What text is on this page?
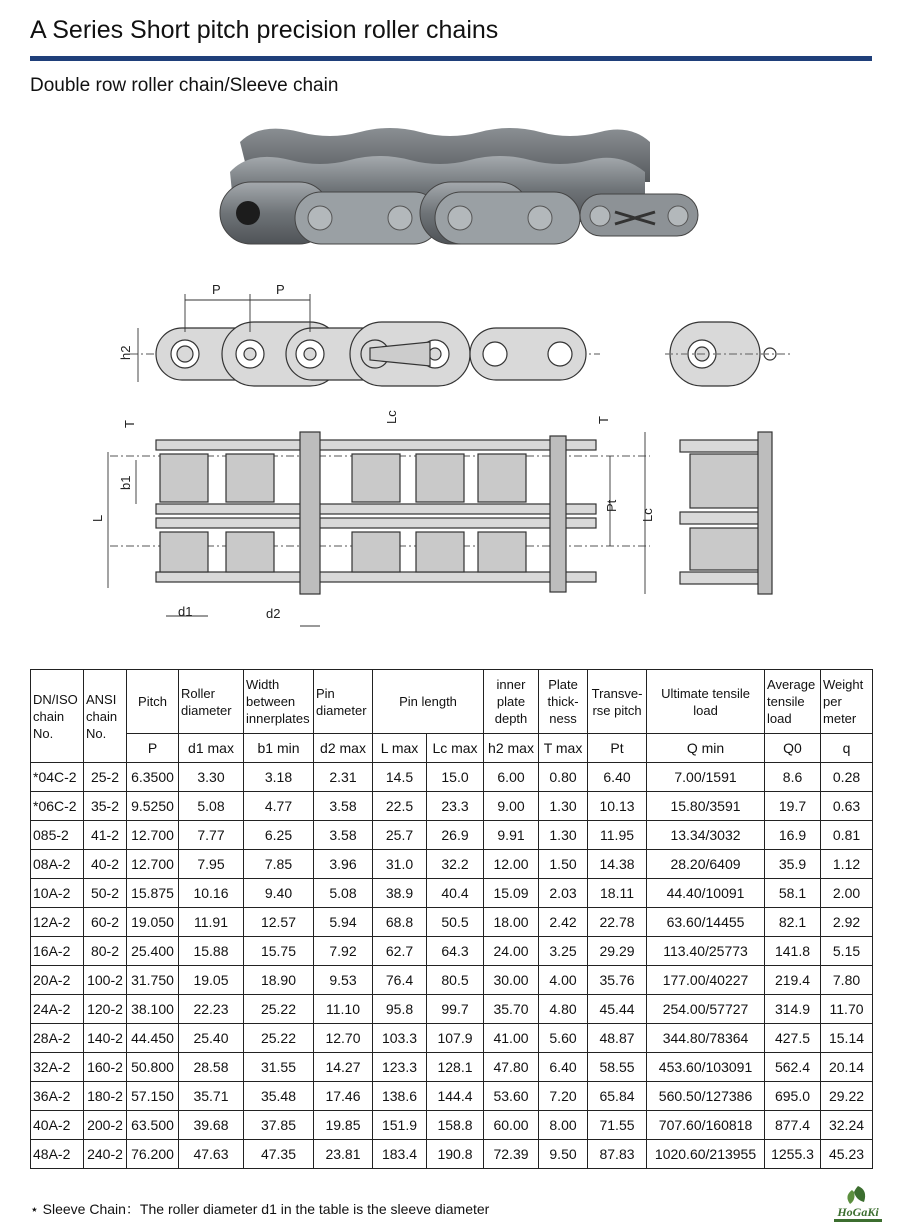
A Series Short pitch precision roller chains
Double row roller chain/Sleeve chain
P	P
h2
T
Lc	T
b1
L
Pt
Lc
d1	d2
DN/ISO chain No.	ANSI chain No.	Pitch	Roller diameter	Width between innerplates	Pin diameter	Pin length		inner plate depth	Plate thick-ness	Transve-rse pitch	Ultimate tensile load	Average tensile load	Weight per meter
		P	d1 max	b1 min	d2 max	L max	Lc max	h2 max	T max	Pt	Q min	Q0	q
*04C-2	25-2	6.3500	3.30	3.18	2.31	14.5	15.0	6.00	0.80	6.40	7.00/1591	8.6	0.28
*06C-2	35-2	9.5250	5.08	4.77	3.58	22.5	23.3	9.00	1.30	10.13	15.80/3591	19.7	0.63
085-2	41-2	12.700	7.77	6.25	3.58	25.7	26.9	9.91	1.30	11.95	13.34/3032	16.9	0.81
08A-2	40-2	12.700	7.95	7.85	3.96	31.0	32.2	12.00	1.50	14.38	28.20/6409	35.9	1.12
10A-2	50-2	15.875	10.16	9.40	5.08	38.9	40.4	15.09	2.03	18.11	44.40/10091	58.1	2.00
12A-2	60-2	19.050	11.91	12.57	5.94	68.8	50.5	18.00	2.42	22.78	63.60/14455	82.1	2.92
16A-2	80-2	25.400	15.88	15.75	7.92	62.7	64.3	24.00	3.25	29.29	113.40/25773	141.8	5.15
20A-2	100-2	31.750	19.05	18.90	9.53	76.4	80.5	30.00	4.00	35.76	177.00/40227	219.4	7.80
24A-2	120-2	38.100	22.23	25.22	11.10	95.8	99.7	35.70	4.80	45.44	254.00/57727	314.9	11.70
28A-2	140-2	44.450	25.40	25.22	12.70	103.3	107.9	41.00	5.60	48.87	344.80/78364	427.5	15.14
32A-2	160-2	50.800	28.58	31.55	14.27	123.3	128.1	47.80	6.40	58.55	453.60/103091	562.4	20.14
36A-2	180-2	57.150	35.71	35.48	17.46	138.6	144.4	53.60	7.20	65.84	560.50/127386	695.0	29.22
40A-2	200-2	63.500	39.68	37.85	19.85	151.9	158.8	60.00	8.00	71.55	707.60/160818	877.4	32.24
48A-2	240-2	76.200	47.63	47.35	23.81	183.4	190.8	72.39	9.50	87.83	1020.60/213955	1255.3	45.23
⋆ Sleeve Chain：The roller diameter d1 in the table is the sleeve diameter	HoGaKi
